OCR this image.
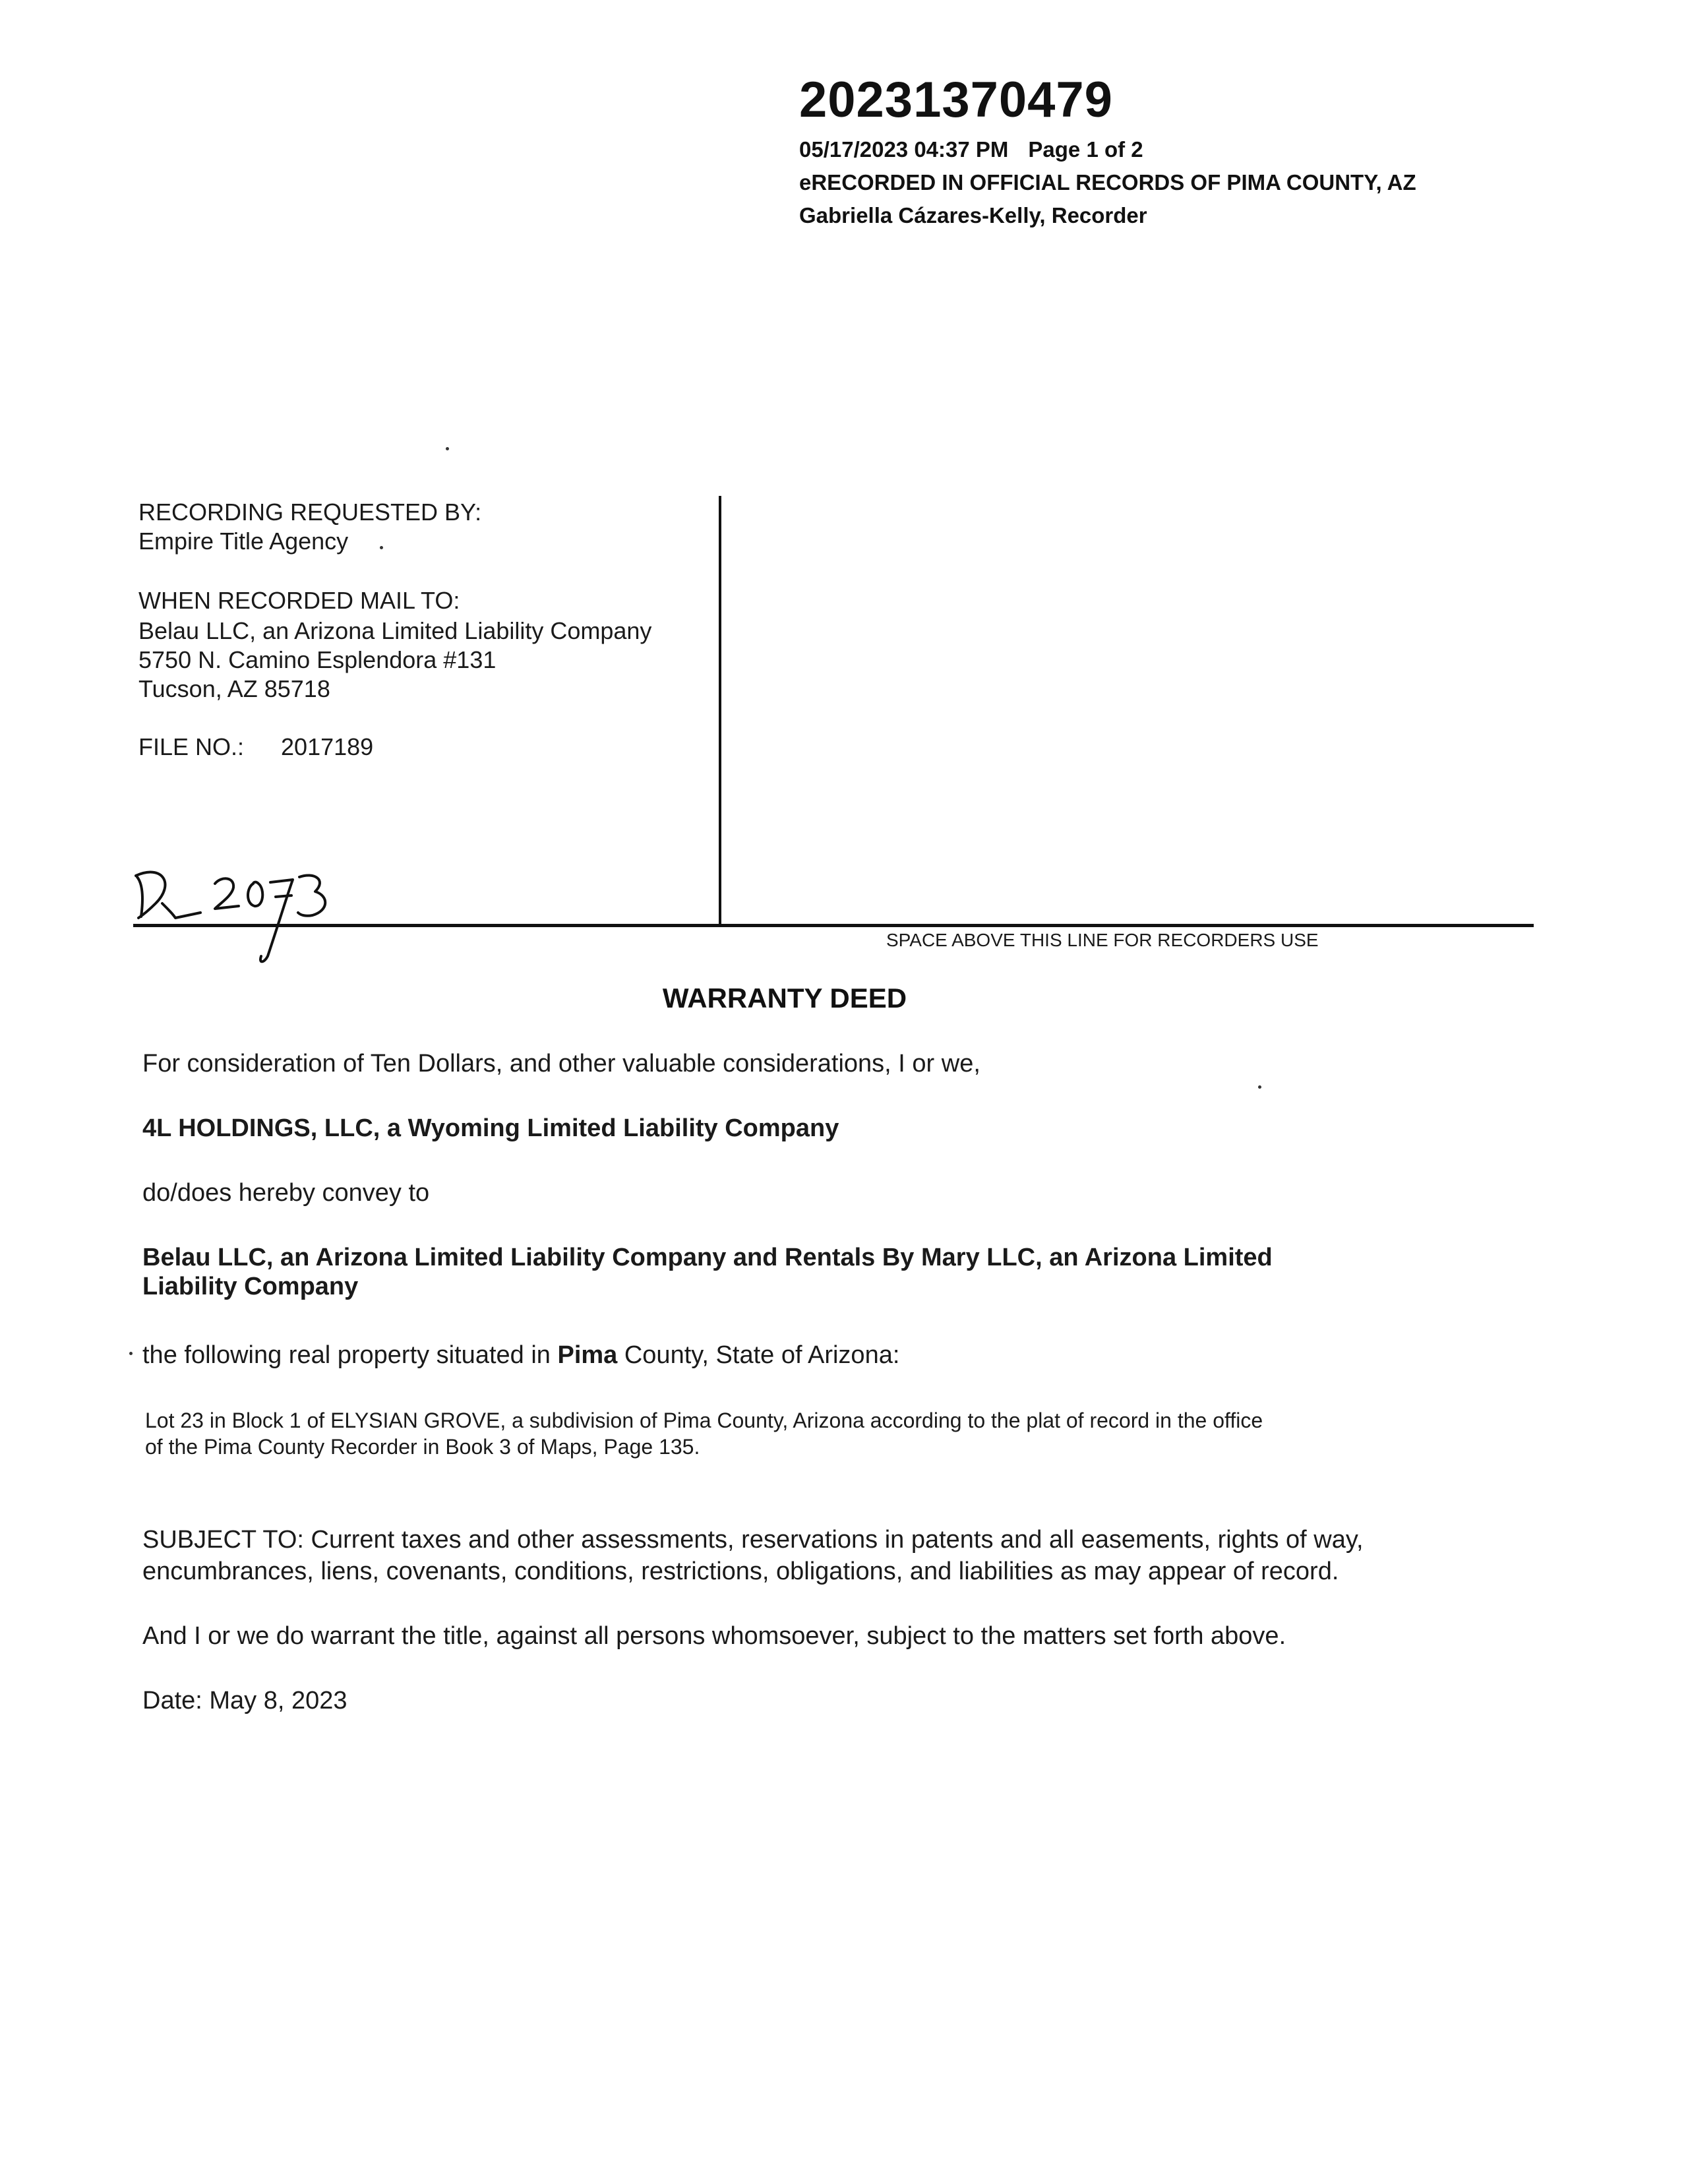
20231370479
05/17/2023 04:37 PM Page 1 of 2
eRECORDED IN OFFICIAL RECORDS OF PIMA COUNTY, AZ
Gabriella Cázares-Kelly, Recorder
RECORDING REQUESTED BY:
Empire Title Agency
WHEN RECORDED MAIL TO:
Belau LLC, an Arizona Limited Liability Company
5750 N. Camino Esplendora #131
Tucson, AZ 85718
FILE NO.: 2017189
SPACE ABOVE THIS LINE FOR RECORDERS USE
WARRANTY DEED
For consideration of Ten Dollars, and other valuable considerations, I or we,
4L HOLDINGS, LLC, a Wyoming Limited Liability Company
do/does hereby convey to
Belau LLC, an Arizona Limited Liability Company and Rentals By Mary LLC, an Arizona Limited
Liability Company
the following real property situated in Pima County, State of Arizona:
Lot 23 in Block 1 of ELYSIAN GROVE, a subdivision of Pima County, Arizona according to the plat of record in the office
of the Pima County Recorder in Book 3 of Maps, Page 135.
SUBJECT TO: Current taxes and other assessments, reservations in patents and all easements, rights of way,
encumbrances, liens, covenants, conditions, restrictions, obligations, and liabilities as may appear of record.
And I or we do warrant the title, against all persons whomsoever, subject to the matters set forth above.
Date: May 8, 2023
